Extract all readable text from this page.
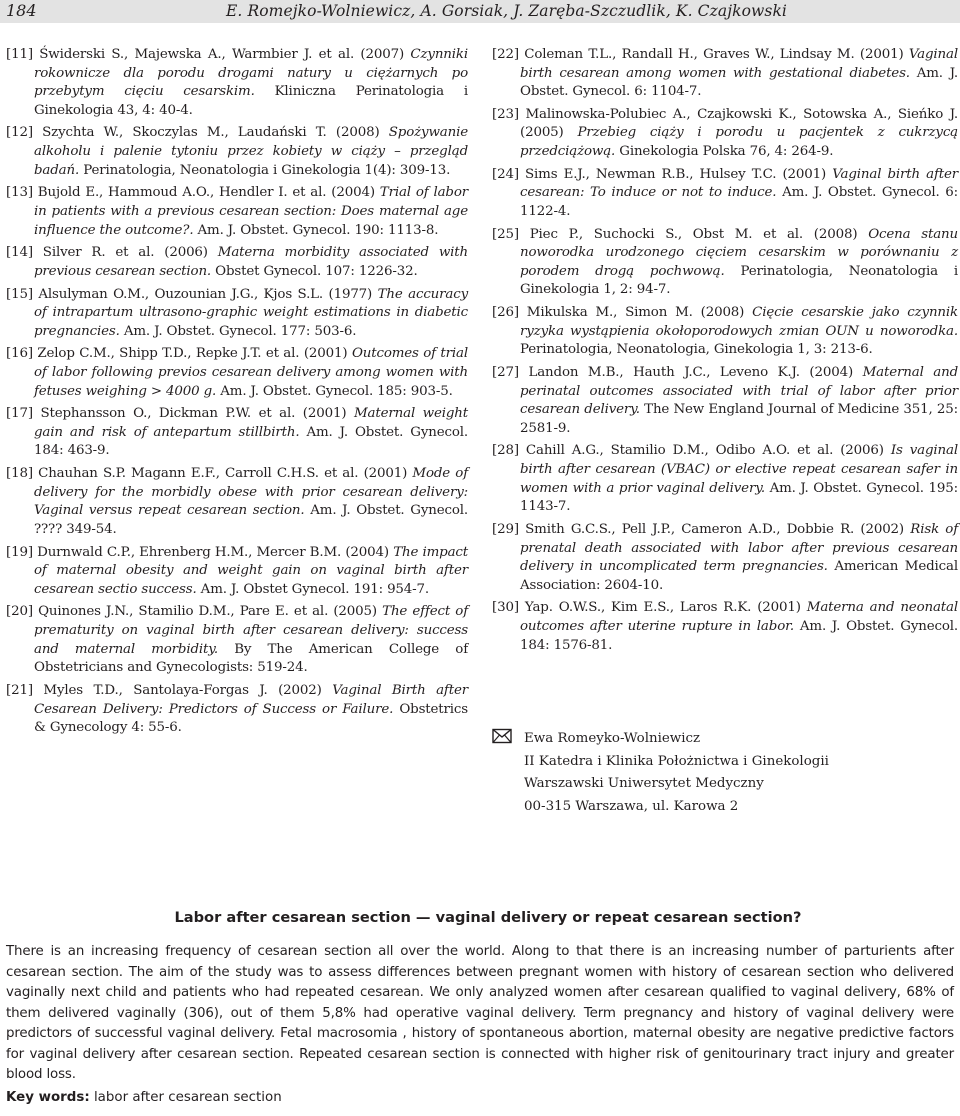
184	E. Romejko-Wolniewicz, A. Gorsiak, J. Zaręba-Szczudlik, K. Czajkowski
[11] Świderski S., Majewska A., Warmbier J. et al. (2007) Czynniki rokownicze dla porodu drogami natury u ciężarnych po przebytym cięciu cesarskim. Kliniczna Perinatologia i Ginekologia 43, 4: 40-4.
[12] Szychta W., Skoczylas M., Laudański T. (2008) Spożywanie alkoholu i palenie tytoniu przez kobiety w ciąży – przegląd badań. Perinatologia, Neonatologia i Ginekologia 1(4): 309-13.
[13] Bujold E., Hammoud A.O., Hendler I. et al. (2004) Trial of labor in patients with a previous cesarean section: Does maternal age influence the outcome?. Am. J. Obstet. Gynecol. 190: 1113-8.
[14] Silver R. et al. (2006) Materna morbidity associated with previous cesarean section. Obstet Gynecol. 107: 1226-32.
[15] Alsulyman O.M., Ouzounian J.G., Kjos S.L. (1977) The accuracy of intrapartum ultrasono-graphic weight estimations in diabetic pregnancies. Am. J. Obstet. Gynecol. 177: 503-6.
[16] Zelop C.M., Shipp T.D., Repke J.T. et al. (2001) Outcomes of trial of labor following previos cesarean delivery among women with fetuses weighing > 4000 g. Am. J. Obstet. Gynecol. 185: 903-5.
[17] Stephansson O., Dickman P.W. et al. (2001) Maternal weight gain and risk of antepartum stillbirth. Am. J. Obstet. Gynecol. 184: 463-9.
[18] Chauhan S.P. Magann E.F., Carroll C.H.S. et al. (2001) Mode of delivery for the morbidly obese with prior cesarean delivery: Vaginal versus repeat cesarean section. Am. J. Obstet. Gynecol. ???? 349-54.
[19] Durnwald C.P., Ehrenberg H.M., Mercer B.M. (2004) The impact of maternal obesity and weight gain on vaginal birth after cesarean sectio success. Am. J. Obstet Gynecol. 191: 954-7.
[20] Quinones J.N., Stamilio D.M., Pare E. et al. (2005) The effect of prematurity on vaginal birth after cesarean delivery: success and maternal morbidity. By The American College of Obstetricians and Gynecologists: 519-24.
[21] Myles T.D., Santolaya-Forgas J. (2002) Vaginal Birth after Cesarean Delivery: Predictors of Success or Failure. Obstetrics & Gynecology 4: 55-6.
[22] Coleman T.L., Randall H., Graves W., Lindsay M. (2001) Vaginal birth cesarean among women with gestational diabetes. Am. J. Obstet. Gynecol. 6: 1104-7.
[23] Malinowska-Polubiec A., Czajkowski K., Sotowska A., Sieńko J. (2005) Przebieg ciąży i porodu u pacjentek z cukrzycą przedciążową. Ginekologia Polska 76, 4: 264-9.
[24] Sims E.J., Newman R.B., Hulsey T.C. (2001) Vaginal birth after cesarean: To induce or not to induce. Am. J. Obstet. Gynecol. 6: 1122-4.
[25] Piec P., Suchocki S., Obst M. et al. (2008) Ocena stanu noworodka urodzonego cięciem cesarskim w porównaniu z porodem drogą pochwową. Perinatologia, Neonatologia i Ginekologia 1, 2: 94-7.
[26] Mikulska M., Simon M. (2008) Cięcie cesarskie jako czynnik ryzyka wystąpienia okołoporodowych zmian OUN u noworodka. Perinatologia, Neonatologia, Ginekologia 1, 3: 213-6.
[27] Landon M.B., Hauth J.C., Leveno K.J. (2004) Maternal and perinatal outcomes associated with trial of labor after prior cesarean delivery. The New England Journal of Medicine 351, 25: 2581-9.
[28] Cahill A.G., Stamilio D.M., Odibo A.O. et al. (2006) Is vaginal birth after cesarean (VBAC) or elective repeat cesarean safer in women with a prior vaginal delivery. Am. J. Obstet. Gynecol. 195: 1143-7.
[29] Smith G.C.S., Pell J.P., Cameron A.D., Dobbie R. (2002) Risk of prenatal death associated with labor after previous cesarean delivery in uncomplicated term pregnancies. American Medical Association: 2604-10.
[30] Yap. O.W.S., Kim E.S., Laros R.K. (2001) Materna and neonatal outcomes after uterine rupture in labor. Am. J. Obstet. Gynecol. 184: 1576-81.
Ewa Romeyko-Wolniewicz
II Katedra i Klinika Położnictwa i Ginekologii
Warszawski Uniwersytet Medyczny
00-315 Warszawa, ul. Karowa 2
Labor after cesarean section — vaginal delivery or repeat cesarean section?
There is an increasing frequency of cesarean section all over the world. Along to that there is an increasing number of parturients after cesarean section. The aim of the study was to assess differences between pregnant women with history of cesarean section who delivered vaginally next child and patients who had repeated cesarean. We only analyzed women after cesarean qualified to vaginal delivery, 68% of them delivered vaginally (306), out of them 5,8% had operative vaginal delivery. Term pregnancy and history of vaginal delivery were predictors of successful vaginal delivery. Fetal macrosomia , history of spontaneous abortion, maternal obesity are negative predictive factors for vaginal delivery after cesarean section. Repeated cesarean section is connected with higher risk of genitourinary tract injury and greater blood loss.
Key words: labor after cesarean section
